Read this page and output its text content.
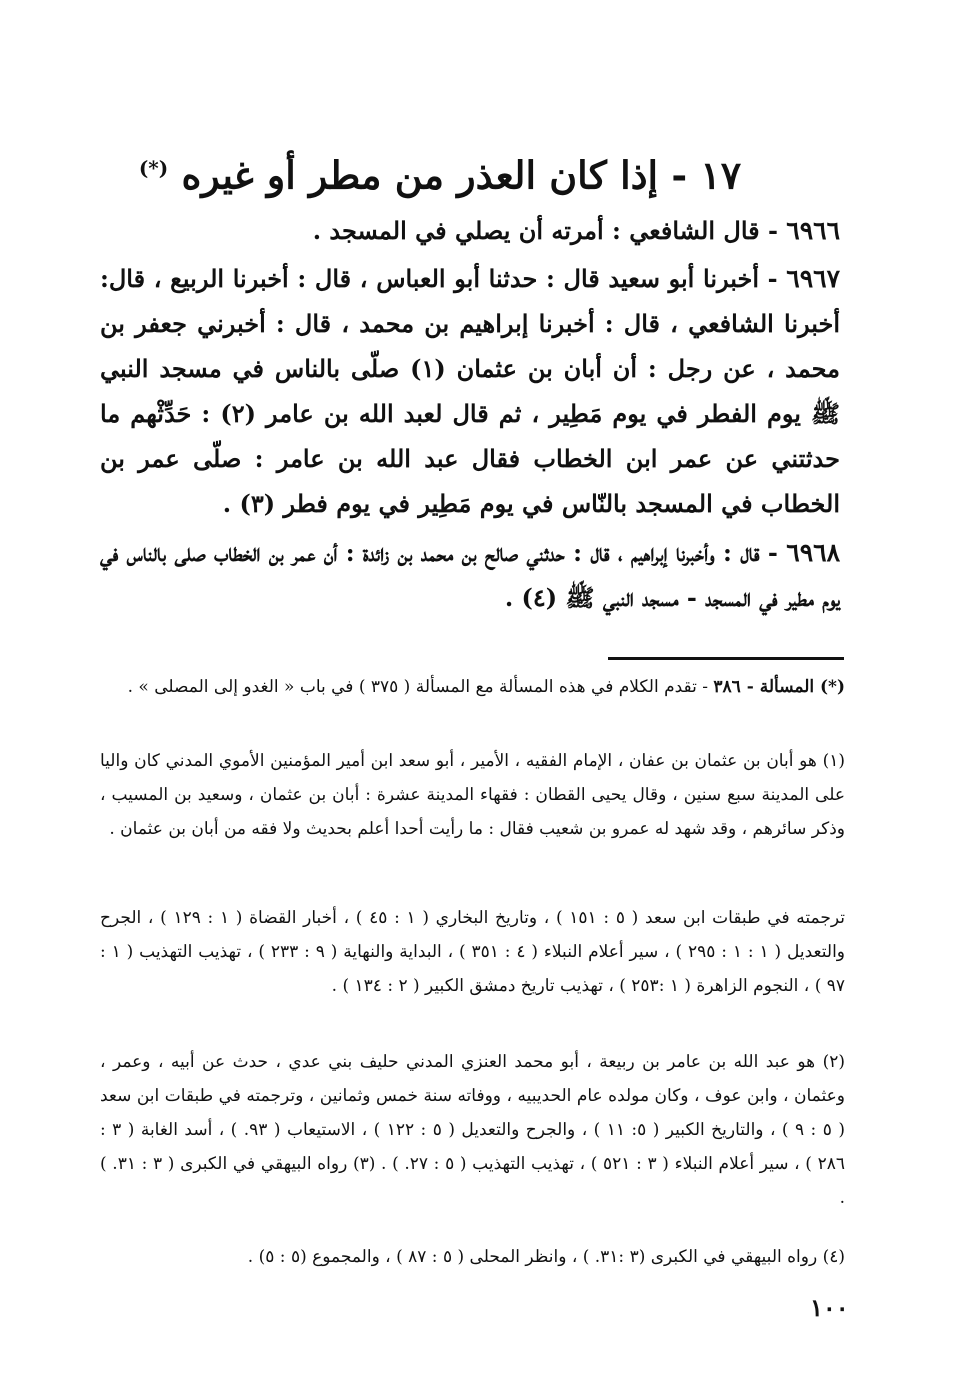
١٧ - إذا كان العذر من مطر أو غيره (*)
٦٩٦٦ - قال الشافعي : أمرته أن يصلي في المسجد .
٦٩٦٧ - أخبرنا أبو سعيد قال : حدثنا أبو العباس ، قال : أخبرنا الربيع ، قال: أخبرنا الشافعي ، قال : أخبرنا إبراهيم بن محمد ، قال : أخبرني جعفر بن محمد ، عن رجل : أن أبان بن عثمان (١) صلّى بالناس في مسجد النبي ﷺ يوم الفطر في يوم مَطِير ، ثم قال لعبد الله بن عامر (٢) : حَدِّثْهم ما حدثتني عن عمر ابن الخطاب فقال عبد الله بن عامر : صلّى عمر بن الخطاب في المسجد بالنّاس في يوم مَطِير في يوم فطر (٣) .
٦٩٦٨ - قال : وأخبرنا إبراهيم ، قال : حدثني صالح بن محمد بن زائدة : أن عمر بن الخطاب صلى بالناس في يوم مطير في المسجد - مسجد النبي ﷺ (٤) .
(*) المسألة - ٣٨٦ - تقدم الكلام في هذه المسألة مع المسألة ( ٣٧٥ ) في باب « الغدو إلى المصلى » .
(١) هو أبان بن عثمان بن عفان ، الإمام الفقيه ، الأمير ، أبو سعد ابن أمير المؤمنين الأموي المدني كان واليا على المدينة سبع سنين ، وقال يحيى القطان : فقهاء المدينة عشرة : أبان بن عثمان ، وسعيد بن المسيب ، وذكر سائرهم ، وقد شهد له عمرو بن شعيب فقال : ما رأيت أحدا أعلم بحديث ولا فقه من أبان بن عثمان .
ترجمته في طبقات ابن سعد ( ٥ : ١٥١ ) ، وتاريخ البخاري ( ١ : ٤٥ ) ، أخبار القضاة ( ١ : ١٢٩ ) ، الجرح والتعديل ( ١ : ١ : ٢٩٥ ) ، سير أعلام النبلاء ( ٤ : ٣٥١ ) ، البداية والنهاية ( ٩ : ٢٣٣ ) ، تهذيب التهذيب ( ١ : ٩٧ ) ، النجوم الزاهرة ( ١ :٢٥٣ ) ، تهذيب تاريخ دمشق الكبير ( ٢ : ١٣٤ ) .
(٢) هو عبد الله بن عامر بن ربيعة ، أبو محمد العنزي المدني حليف بني عدي ، حدث عن أبيه ، وعمر ، وعثمان ، وابن عوف ، وكان مولده عام الحديبيه ، ووفاته سنة خمس وثمانين ، وترجمته في طبقات ابن سعد ( ٥ : ٩ ) ، والتاريخ الكبير ( ٥: ١١ ) ، والجرح والتعديل ( ٥ : ١٢٢ ) ، الاستيعاب ( ٩٣. ) ، أسد الغابة ( ٣ : ٢٨٦ ) ، سير أعلام النبلاء ( ٣ : ٥٢١ ) ، تهذيب التهذيب ( ٥ : ٢٧. ) . (٣) رواه البيهقي في الكبرى ( ٣ : ٣١. ) .
(٤) رواه البيهقي في الكبرى (٣ :٣١. ) ، وانظر المحلى ( ٥ : ٨٧ ) ، والمجموع (٥ : ٥) .
١٠٠
